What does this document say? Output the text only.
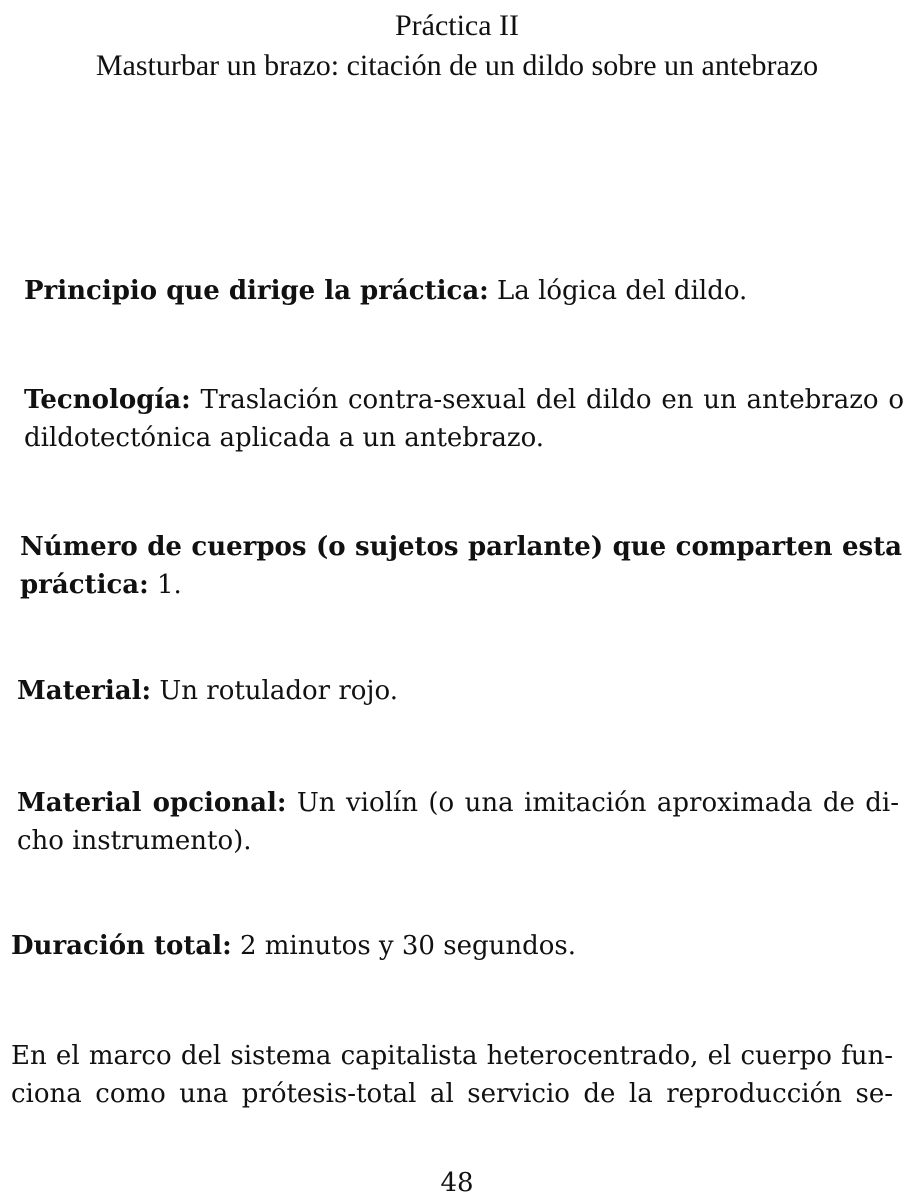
Práctica II
Masturbar un brazo: citación de un dildo sobre un antebrazo
Principio que dirige la práctica: La lógica del dildo.
Tecnología: Traslación contra-sexual del dildo en un antebrazo o
dildotectónica aplicada a un antebrazo.
Número de cuerpos (o sujetos parlante) que comparten esta
práctica: 1.
Material: Un rotulador rojo.
Material opcional: Un violín (o una imitación aproximada de di-
cho instrumento).
Duración total: 2 minutos y 30 segundos.
En el marco del sistema capitalista heterocentrado, el cuerpo fun-
ciona como una prótesis-total al servicio de la reproducción se-
48
